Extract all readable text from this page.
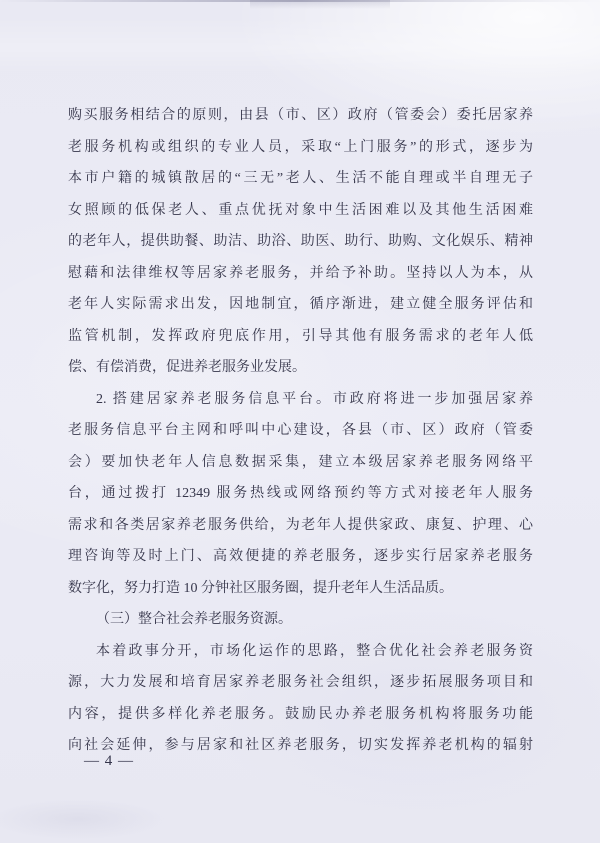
购买服务相结合的原则，由县（市、区）政府（管委会）委托居家养
老服务机构或组织的专业人员，采取“上门服务”的形式，逐步为
本市户籍的城镇散居的“三无”老人、生活不能自理或半自理无子
女照顾的低保老人、重点优抚对象中生活困难以及其他生活困难
的老年人，提供助餐、助洁、助浴、助医、助行、助购、文化娱乐、精神
慰藉和法律维权等居家养老服务，并给予补助。坚持以人为本，从
老年人实际需求出发，因地制宜，循序渐进，建立健全服务评估和
监管机制，发挥政府兜底作用，引导其他有服务需求的老年人低
偿、有偿消费，促进养老服务业发展。
2. 搭建居家养老服务信息平台。市政府将进一步加强居家养
老服务信息平台主网和呼叫中心建设，各县（市、区）政府（管委
会）要加快老年人信息数据采集，建立本级居家养老服务网络平
台，通过拨打 12349 服务热线或网络预约等方式对接老年人服务
需求和各类居家养老服务供给，为老年人提供家政、康复、护理、心
理咨询等及时上门、高效便捷的养老服务，逐步实行居家养老服务
数字化，努力打造 10 分钟社区服务圈，提升老年人生活品质。
（三）整合社会养老服务资源。
本着政事分开，市场化运作的思路，整合优化社会养老服务资
源，大力发展和培育居家养老服务社会组织，逐步拓展服务项目和
内容，提供多样化养老服务。鼓励民办养老服务机构将服务功能
向社会延伸，参与居家和社区养老服务，切实发挥养老机构的辐射
— 4 —
